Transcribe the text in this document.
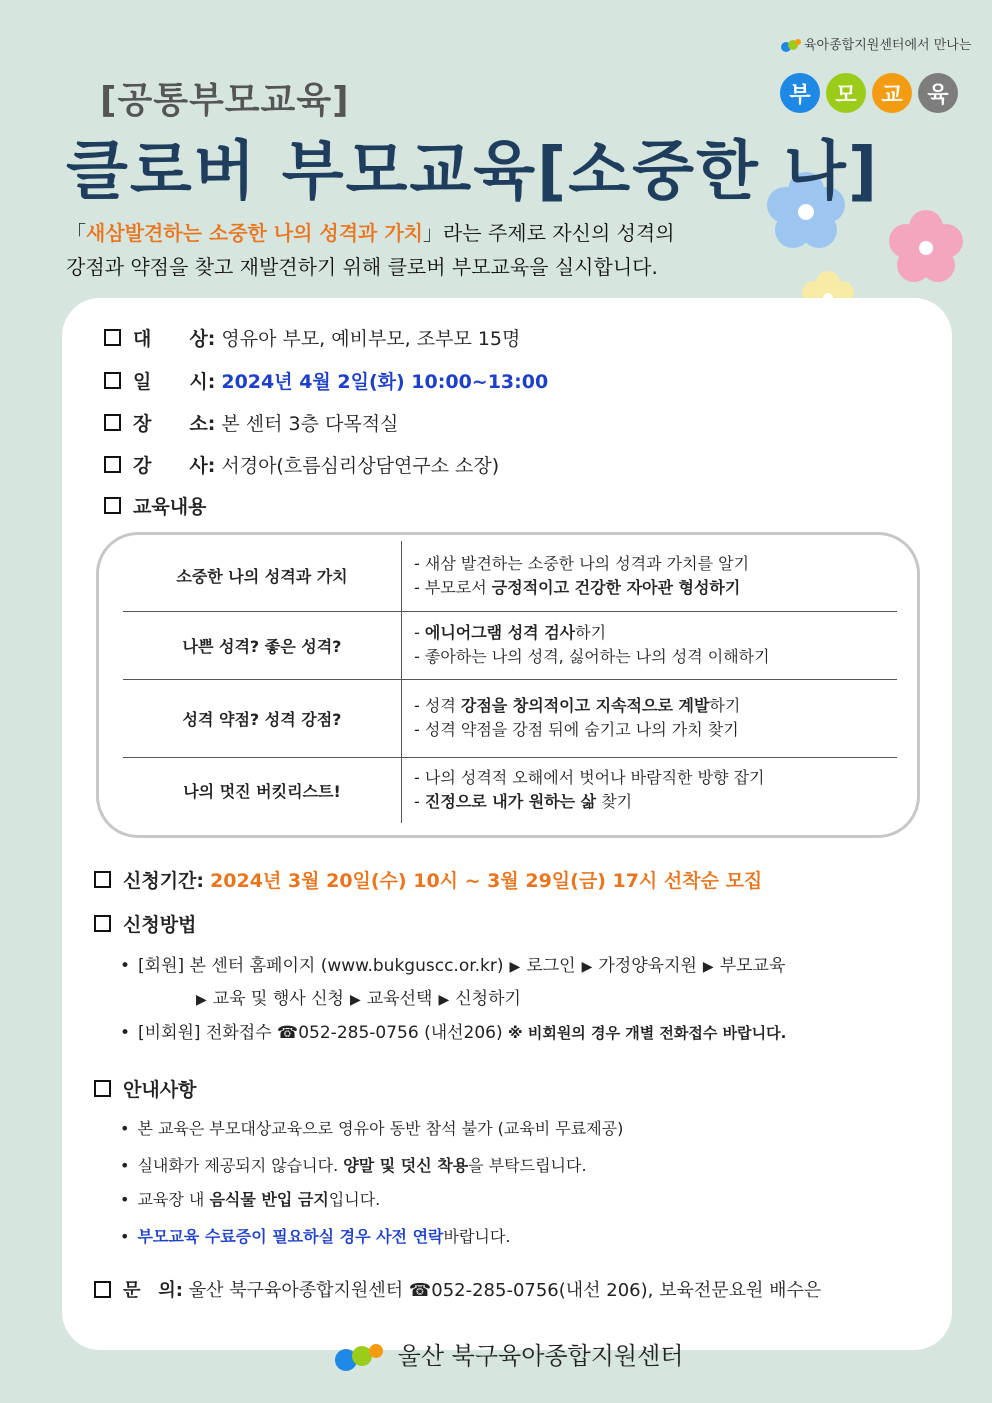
육아종합지원센터에서 만나는
부	모	교	육
[공통부모교육]
클로버 부모교육[소중한 나]
「새삼발견하는 소중한 나의 성격과 가치」라는 주제로 자신의 성격의
강점과 약점을 찾고 재발견하기 위해 클로버 부모교육을 실시합니다.
대　　상: 영유아 부모, 예비부모, 조부모 15명
일　　시: 2024년 4월 2일(화) 10:00~13:00
장　　소: 본 센터 3층 다목적실
강　　사: 서경아(흐름심리상담연구소 소장)
교육내용
소중한 나의 성격과 가치	- 새삼 발견하는 소중한 나의 성격과 가치를 알기
- 부모로서 긍정적이고 건강한 자아관 형성하기
나쁜 성격? 좋은 성격?	- 에니어그램 성격 검사하기
- 좋아하는 나의 성격, 싫어하는 나의 성격 이해하기
성격 약점? 성격 강점?	- 성격 강점을 창의적이고 지속적으로 계발하기
- 성격 약점을 강점 뒤에 숨기고 나의 가치 찾기
나의 멋진 버킷리스트!	- 나의 성격적 오해에서 벗어나 바람직한 방향 잡기
- 진정으로 내가 원하는 삶 찾기
신청기간: 2024년 3월 20일(수) 10시 ~ 3월 29일(금) 17시 선착순 모집
신청방법
• [회원] 본 센터 홈페이지 (www.bukguscc.or.kr) ▶ 로그인 ▶ 가정양육지원 ▶ 부모교육
▶ 교육 및 행사 신청 ▶ 교육선택 ▶ 신청하기
• [비회원] 전화접수 ☎052-285-0756 (내선206) ※ 비회원의 경우 개별 전화접수 바랍니다.
안내사항
• 본 교육은 부모대상교육으로 영유아 동반 참석 불가 (교육비 무료제공)
• 실내화가 제공되지 않습니다. 양말 및 덧신 착용을 부탁드립니다.
• 교육장 내 음식물 반입 금지입니다.
• 부모교육 수료증이 필요하실 경우 사전 연락바랍니다.
문　의: 울산 북구육아종합지원센터 ☎052-285-0756(내선 206), 보육전문요원 배수은
울산 북구육아종합지원센터
